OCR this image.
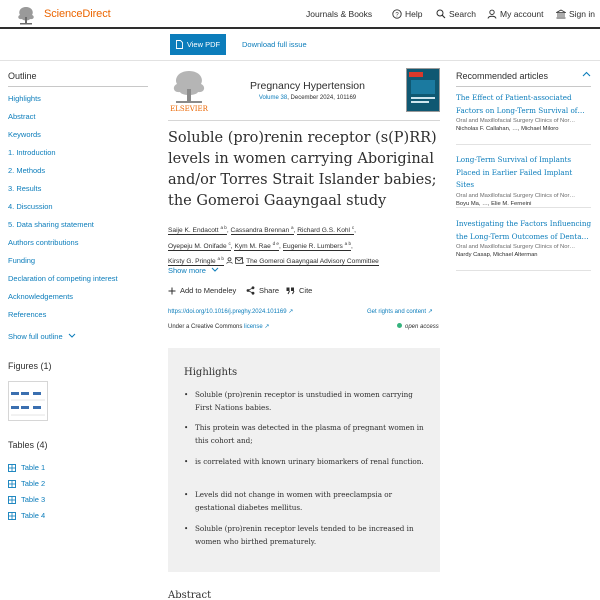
ScienceDirect	Journals & Books	? Help	Search	My account	Sign in
View PDF	Download full issue
Outline
Highlights
Abstract
Keywords
1. Introduction
2. Methods
3. Results
4. Discussion
5. Data sharing statement
Authors contributions
Funding
Declaration of competing interest
Acknowledgements
References
Show full outline
Figures (1)
Tables (4)
Table 1
Table 2
Table 3
Table 4
ELSEVIER
Pregnancy Hypertension
Volume 38, December 2024, 101169
Soluble (pro)renin receptor (s(P)RR) levels in women carrying Aboriginal and/or Torres Strait Islander babies; the Gomeroi Gaayngaal study
Saije K. Endacott $^{a b}$, Cassandra Brennan $^a$, Richard G.S. Kohl $^c$,
Oyepeju M. Onifade $^c$, Kym M. Rae $^{d e}$, Eugenie R. Lumbers $^{a b}$,
Kirsty G. Pringle $^{a b}$	, The Gomeroi Gaayngaal Advisory Committee
Show more
Add to Mendeley	Share	Cite
https://doi.org/10.1016/j.preghy.2024.101169 ↗	Get rights and content ↗
Under a Creative Commons license ↗	open access
Highlights
• Soluble (pro)renin receptor is unstudied in women carrying First Nations babies.
• This protein was detected in the plasma of pregnant women in this cohort and;
• is correlated with known urinary biomarkers of renal function.
• Levels did not change in women with preeclampsia or gestational diabetes mellitus.
• Soluble (pro)renin receptor levels tended to be increased in women who birthed prematurely.
Abstract
Recommended articles
The Effect of Patient-associated Factors on Long-Term Survival of…
Oral and Maxillofacial Surgery Clinics of Nor…
Nicholas F. Callahan, …, Michael Miloro
Long-Term Survival of Implants Placed in Earlier Failed Implant Sites
Oral and Maxillofacial Surgery Clinics of Nor…
Boyu Ma, …, Elie M. Ferneini
Investigating the Factors Influencing the Long-Term Outcomes of Denta…
Oral and Maxillofacial Surgery Clinics of Nor…
Nardy Casap, Michael Alterman
